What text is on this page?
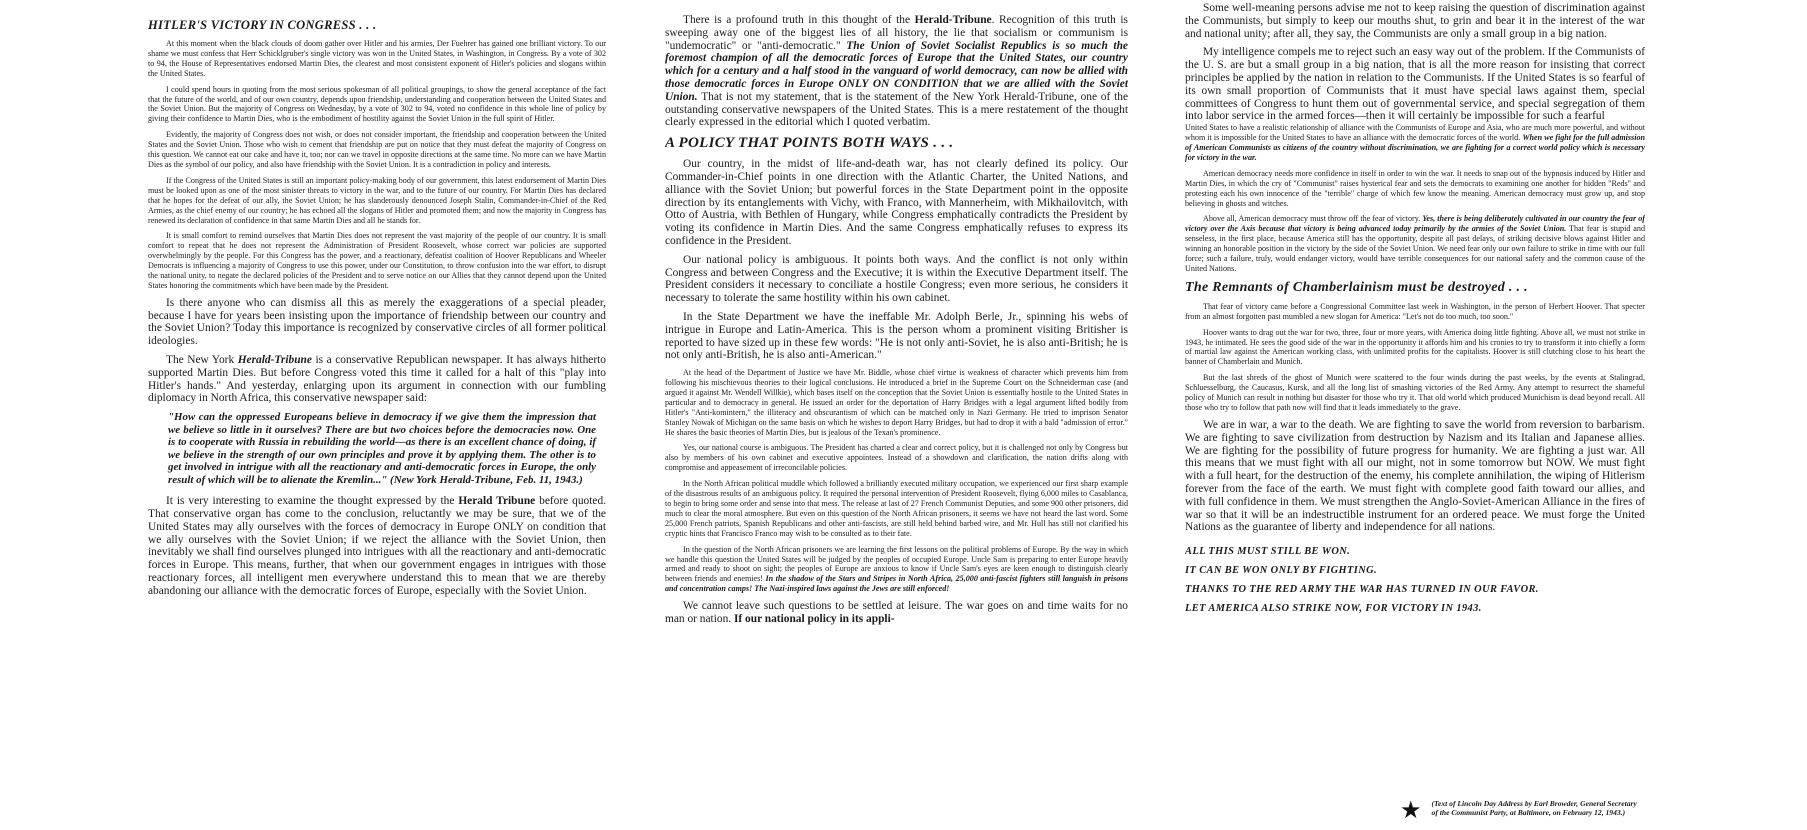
HITLER'S VICTORY IN CONGRESS . . .

At this moment when the black clouds of doom gather over Hitler and his armies, Der Fuehrer has gained one brilliant victory. To our shame we must confess that Herr Schicklgruber's single victory was won in the United States, in Washington, in Congress. By a vote of 302 to 94, the House of Representatives endorsed Martin Dies, the clearest and most consistent exponent of Hitler's policies and slogans within the United States.

I could spend hours in quoting from the most serious spokesman of all political groupings, to show the general acceptance of the fact that the future of the world, and of our own country, depends upon friendship, understanding and cooperation between the United States and the Soviet Union. But the majority of Congress on Wednesday, by a vote of 302 to 94, voted no confidence in this whole line of policy by giving their confidence to Martin Dies, who is the embodiment of hostility against the Soviet Union in the full spirit of Hitler.

Evidently, the majority of Congress does not wish, or does not consider important, the friendship and cooperation between the United States and the Soviet Union. Those who wish to cement that friendship are put on notice that they must defeat the majority of Congress on this question. We cannot eat our cake and have it, too; nor can we travel in opposite directions at the same time. No more can we have Martin Dies as the symbol of our policy, and also have friendship with the Soviet Union. It is a contradiction in policy and interests.

If the Congress of the United States is still an important policy-making body of our government, this latest endorsement of Martin Dies must be looked upon as one of the most sinister threats to victory in the war, and to the future of our country. For Martin Dies has declared that he hopes for the defeat of our ally, the Soviet Union; he has slanderously denounced Joseph Stalin, Commander-in-Chief of the Red Armies, as the chief enemy of our country; he has echoed all the slogans of Hitler and promoted them; and now the majority in Congress has renewed its declaration of confidence in that same Martin Dies and all he stands for.

It is small comfort to remind ourselves that Martin Dies does not represent the vast majority of the people of our country. It is small comfort to repeat that he does not represent the Administration of President Roosevelt, whose correct war policies are supported overwhelmingly by the people. For this Congress has the power, and a reactionary, defeatist coalition of Hoover Republicans and Wheeler Democrats is influencing a majority of Congress to use this power, under our Constitution, to throw confusion into the war effort, to disrupt the national unity, to negate the declared policies of the President and to serve notice on our Allies that they cannot depend upon the United States honoring the commitments which have been made by the President.

Is there anyone who can dismiss all this as merely the exaggerations of a special pleader, because I have for years been insisting upon the importance of friendship between our country and the Soviet Union? Today this importance is recognized by conservative circles of all former political ideologies.

The New York Herald-Tribune is a conservative Republican newspaper. It has always hitherto supported Martin Dies. But before Congress voted this time it called for a halt of this "play into Hitler's hands." And yesterday, enlarging upon its argument in connection with our fumbling diplomacy in North Africa, this conservative newspaper said:

"How can the oppressed Europeans believe in democracy if we give them the impression that we believe so little in it ourselves? There are but two choices before the democracies now. One is to cooperate with Russia in rebuilding the world—as there is an excellent chance of doing, if we believe in the strength of our own principles and prove it by applying them. The other is to get involved in intrigue with all the reactionary and anti-democratic forces in Europe, the only result of which will be to alienate the Kremlin..." (New York Herald-Tribune, Feb. 11, 1943.)

It is very interesting to examine the thought expressed by the Herald Tribune before quoted. That conservative organ has come to the conclusion, reluctantly we may be sure, that we of the United States may ally ourselves with the forces of democracy in Europe ONLY on condition that we ally ourselves with the Soviet Union; if we reject the alliance with the Soviet Union, then inevitably we shall find ourselves plunged into intrigues with all the reactionary and anti-democratic forces in Europe. This means, further, that when our government engages in intrigues with those reactionary forces, all intelligent men everywhere understand this to mean that we are thereby abandoning our alliance with the democratic forces of Europe, especially with the Soviet Union.

There is a profound truth in this thought of the Herald-Tribune. Recognition of this truth is sweeping away one of the biggest lies of all history, the lie that socialism or communism is "undemocratic" or "anti-democratic." The Union of Soviet Socialist Republics is so much the foremost champion of all the democratic forces of Europe that the United States, our country which for a century and a half stood in the vanguard of world democracy, can now be allied with those democratic forces in Europe ONLY ON CONDITION that we are allied with the Soviet Union. That is not my statement, that is the statement of the New York Herald-Tribune, one of the outstanding conservative newspapers of the United States. This is a mere restatement of the thought clearly expressed in the editorial which I quoted verbatim.

A POLICY THAT POINTS BOTH WAYS . . .

Our country, in the midst of life-and-death war, has not clearly defined its policy. Our Commander-in-Chief points in one direction with the Atlantic Charter, the United Nations, and alliance with the Soviet Union; but powerful forces in the State Department point in the opposite direction by its entanglements with Vichy, with Franco, with Mannerheim, with Mikhailovitch, with Otto of Austria, with Bethlen of Hungary, while Congress emphatically contradicts the President by voting its confidence in Martin Dies. And the same Congress emphatically refuses to express its confidence in the President.

Our national policy is ambiguous. It points both ways. And the conflict is not only within Congress and between Congress and the Executive; it is within the Executive Department itself. The President considers it necessary to conciliate a hostile Congress; even more serious, he considers it necessary to tolerate the same hostility within his own cabinet.

In the State Department we have the ineffable Mr. Adolph Berle, Jr., spinning his webs of intrigue in Europe and Latin-America. This is the person whom a prominent visiting Britisher is reported to have sized up in these few words: "He is not only anti-Soviet, he is also anti-British; he is not only anti-British, he is also anti-American."

At the head of the Department of Justice we have Mr. Biddle, whose chief virtue is weakness of character which prevents him from following his mischievous theories to their logical conclusions. He introduced a brief in the Supreme Court on the Schneiderman case (and argued it against Mr. Wendell Willkie), which bases itself on the conception that the Soviet Union is essentially hostile to the United States in particular and to democracy in general. He issued an order for the deportation of Harry Bridges with a legal argument lifted bodily from Hitler's "Anti-komintern," the illiteracy and obscurantism of which can be matched only in Nazi Germany. He tried to imprison Senator Stanley Nowak of Michigan on the same basis on which he wishes to deport Harry Bridges, but had to drop it with a bald "admission of error." He shares the basic theories of Martin Dies, but is jealous of the Texan's prominence.

Yes, our national course is ambiguous. The President has charted a clear and correct policy, but it is challenged not only by Congress but also by members of his own cabinet and executive appointees. Instead of a showdown and clarification, the nation drifts along with compromise and appeasement of irreconcilable policies.

In the North African political muddle which followed a brilliantly executed military occupation, we experienced our first sharp example of the disastrous results of an ambiguous policy. It required the personal intervention of President Roosevelt, flying 6,000 miles to Casablanca, to begin to bring some order and sense into that mess. The release at last of 27 French Communist Deputies, and some 900 other prisoners, did much to clear the moral atmosphere. But even on this question of the North African prisoners, it seems we have not heard the last word. Some 25,000 French patriots, Spanish Republicans and other anti-fascists, are still held behind barbed wire, and Mr. Hull has still not clarified his cryptic hints that Francisco Franco may wish to be consulted as to their fate.

In the question of the North African prisoners we are learning the first lessons on the political problems of Europe. By the way in which we handle this question the United States will be judged by the peoples of occupied Europe. Uncle Sam is preparing to enter Europe heavily armed and ready to shoot on sight; the peoples of Europe are anxious to know if Uncle Sam's eyes are keen enough to distinguish clearly between friends and enemies! In the shadow of the Stars and Stripes in North Africa, 25,000 anti-fascist fighters still languish in prisons and concentration camps! The Nazi-inspired laws against the Jews are still enforced!

We cannot leave such questions to be settled at leisure. The war goes on and time waits for no man or nation. If our national policy in its appli-

Some well-meaning persons advise me not to keep raising the question of discrimination against the Communists, but simply to keep our mouths shut, to grin and bear it in the interest of the war and national unity; after all, they say, the Communists are only a small group in a big nation.

My intelligence compels me to reject such an easy way out of the problem. If the Communists of the U. S. are but a small group in a big nation, that is all the more reason for insisting that correct principles be applied by the nation in relation to the Communists. If the United States is so fearful of its own small proportion of Communists that it must have special laws against them, special committees of Congress to hunt them out of governmental service, and special segregation of them into labor service in the armed forces—then it will certainly be impossible for such a fearful

United States to have a realistic relationship of alliance with the Communists of Europe and Asia, who are much more powerful, and without whom it is impossible for the United States to have an alliance with the democratic forces of the world. When we fight for the full admission of American Communists as citizens of the country without discrimination, we are fighting for a correct world policy which is necessary for victory in the war.

American democracy needs more confidence in itself in order to win the war. It needs to snap out of the hypnosis induced by Hitler and Martin Dies, in which the cry of "Communist" raises hysterical fear and sets the democrats to examining one another for hidden "Reds" and protesting each his own innocence of the "terrible" charge of which few know the meaning. American democracy must grow up, and stop believing in ghosts and witches.

Above all, American democracy must throw off the fear of victory. Yes, there is being deliberately cultivated in our country the fear of victory over the Axis because that victory is being advanced today primarily by the armies of the Soviet Union. That fear is stupid and senseless, in the first place, because America still has the opportunity, despite all past delays, of striking decisive blows against Hitler and winning an honorable position in the victory by the side of the Soviet Union. We need fear only our own failure to strike in time with our full force; such a failure, truly, would endanger victory, would have terrible consequences for our national safety and the common cause of the United Nations.

The Remnants of Chamberlainism must be destroyed . . .

That fear of victory came before a Congressional Committee last week in Washington, in the person of Herbert Hoover. That specter from an almost forgotten past mumbled a new slogan for America: "Let's not do too much, too soon."

Hoover wants to drag out the war for two, three, four or more years, with America doing little fighting. Above all, we must not strike in 1943, he intimated. He sees the good side of the war in the opportunity it affords him and his cronies to try to transform it into chiefly a form of martial law against the American working class, with unlimited profits for the capitalists. Hoover is still clutching close to his heart the banner of Chamberlain and Munich.

But the last shreds of the ghost of Munich were scattered to the four winds during the past weeks, by the events at Stalingrad, Schluesselburg, the Caucasus, Kursk, and all the long list of smashing victories of the Red Army. Any attempt to resurrect the shameful policy of Munich can result in nothing but disaster for those who try it. That old world which produced Munichism is dead beyond recall. All those who try to follow that path now will find that it leads immediately to the grave.

We are in war, a war to the death. We are fighting to save the world from reversion to barbarism. We are fighting to save civilization from destruction by Nazism and its Italian and Japanese allies. We are fighting for the possibility of future progress for humanity. We are fighting a just war. All this means that we must fight with all our might, not in some tomorrow but NOW. We must fight with a full heart, for the destruction of the enemy, his complete annihilation, the wiping of Hitlerism forever from the face of the earth. We must fight with complete good faith toward our allies, and with full confidence in them. We must strengthen the Anglo-Soviet-American Alliance in the fires of war so that it will be an indestructible instrument for an ordered peace. We must forge the United Nations as the guarantee of liberty and independence for all nations.

ALL THIS MUST STILL BE WON.
IT CAN BE WON ONLY BY FIGHTING.
THANKS TO THE RED ARMY THE WAR HAS TURNED IN OUR FAVOR.
LET AMERICA ALSO STRIKE NOW, FOR VICTORY IN 1943.
★ (Text of Lincoln Day Address by Earl Browder, General Secretary of the Communist Party, at Baltimore, on February 12, 1943.)
